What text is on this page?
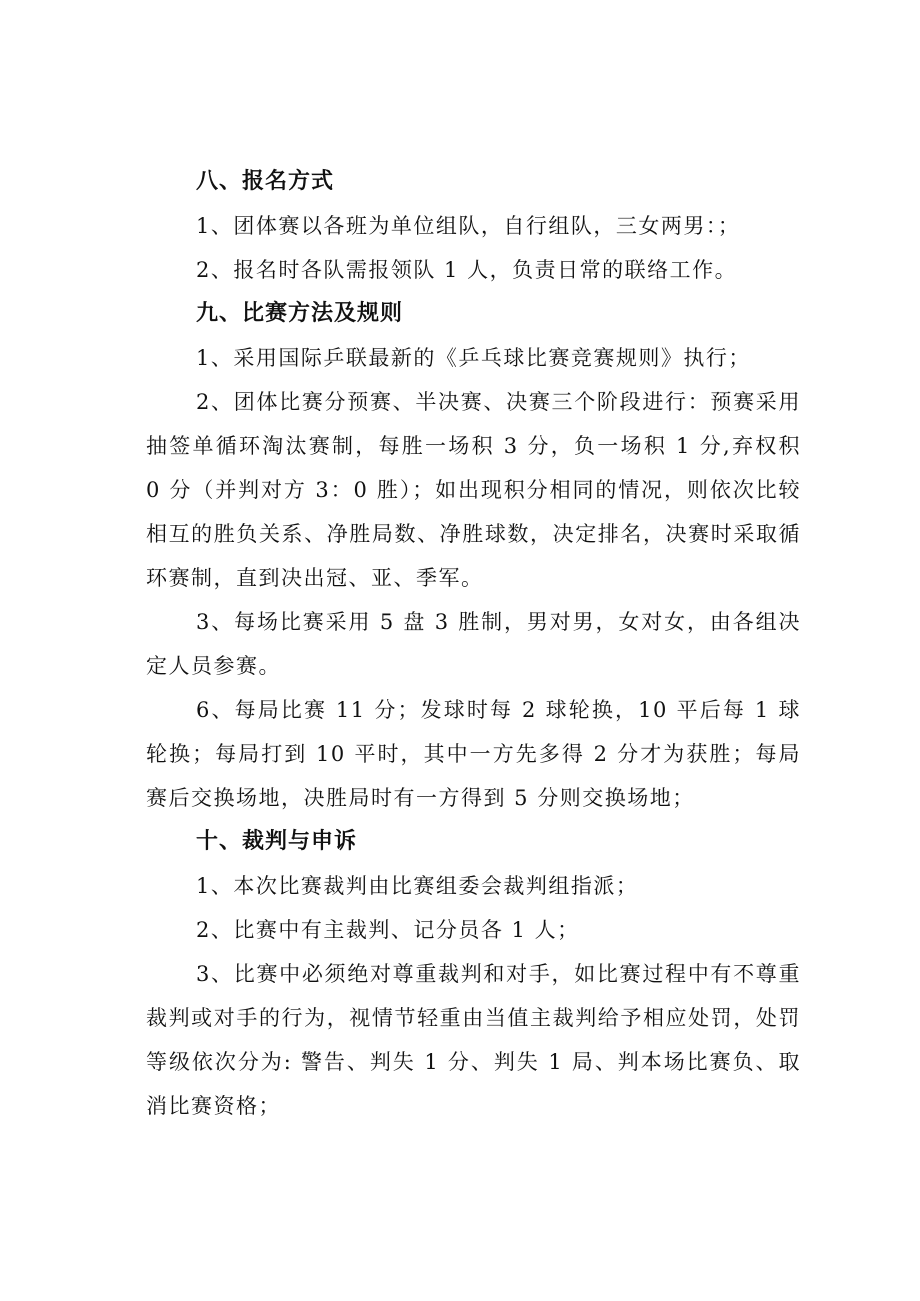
八、报名方式

1、团体赛以各班为单位组队，自行组队，三女两男：；

2、报名时各队需报领队 1 人，负责日常的联络工作。

九、比赛方法及规则

1、采用国际乒联最新的《乒乓球比赛竞赛规则》执行；

2、团体比赛分预赛、半决赛、决赛三个阶段进行：预赛采用抽签单循环淘汰赛制，每胜一场积 3 分，负一场积 1 分,弃权积 0 分（并判对方 3：0 胜）；如出现积分相同的情况，则依次比较相互的胜负关系、净胜局数、净胜球数，决定排名，决赛时采取循环赛制，直到决出冠、亚、季军。

3、每场比赛采用 5 盘 3 胜制，男对男，女对女，由各组决定人员参赛。

6、每局比赛 11 分；发球时每 2 球轮换，10 平后每 1 球轮换；每局打到 10 平时，其中一方先多得 2 分才为获胜；每局赛后交换场地，决胜局时有一方得到 5 分则交换场地；

十、裁判与申诉

1、本次比赛裁判由比赛组委会裁判组指派；

2、比赛中有主裁判、记分员各 1 人；

3、比赛中必须绝对尊重裁判和对手，如比赛过程中有不尊重裁判或对手的行为，视情节轻重由当值主裁判给予相应处罚，处罚等级依次分为: 警告、判失 1 分、判失 1 局、判本场比赛负、取消比赛资格；
